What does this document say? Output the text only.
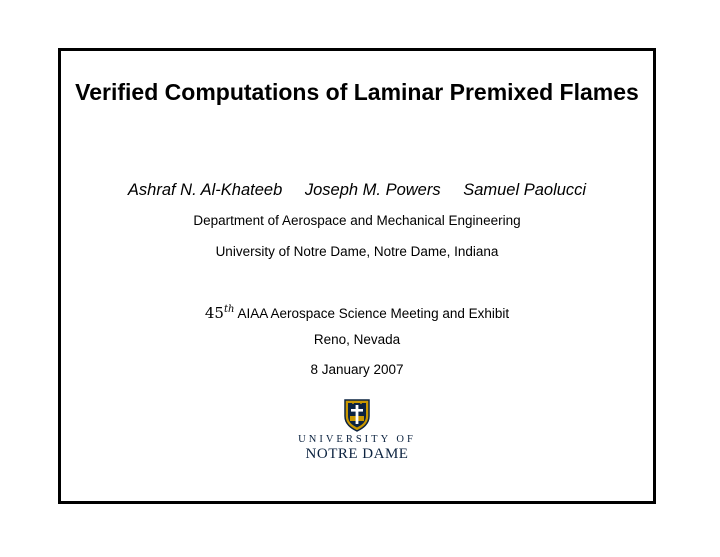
Verified Computations of Laminar Premixed Flames
Ashraf N. Al-Khateeb Joseph M. Powers Samuel Paolucci
Department of Aerospace and Mechanical Engineering
University of Notre Dame, Notre Dame, Indiana
45th AIAA Aerospace Science Meeting and Exhibit
Reno, Nevada
8 January 2007
UNIVERSITY OF
NOTRE DAME
